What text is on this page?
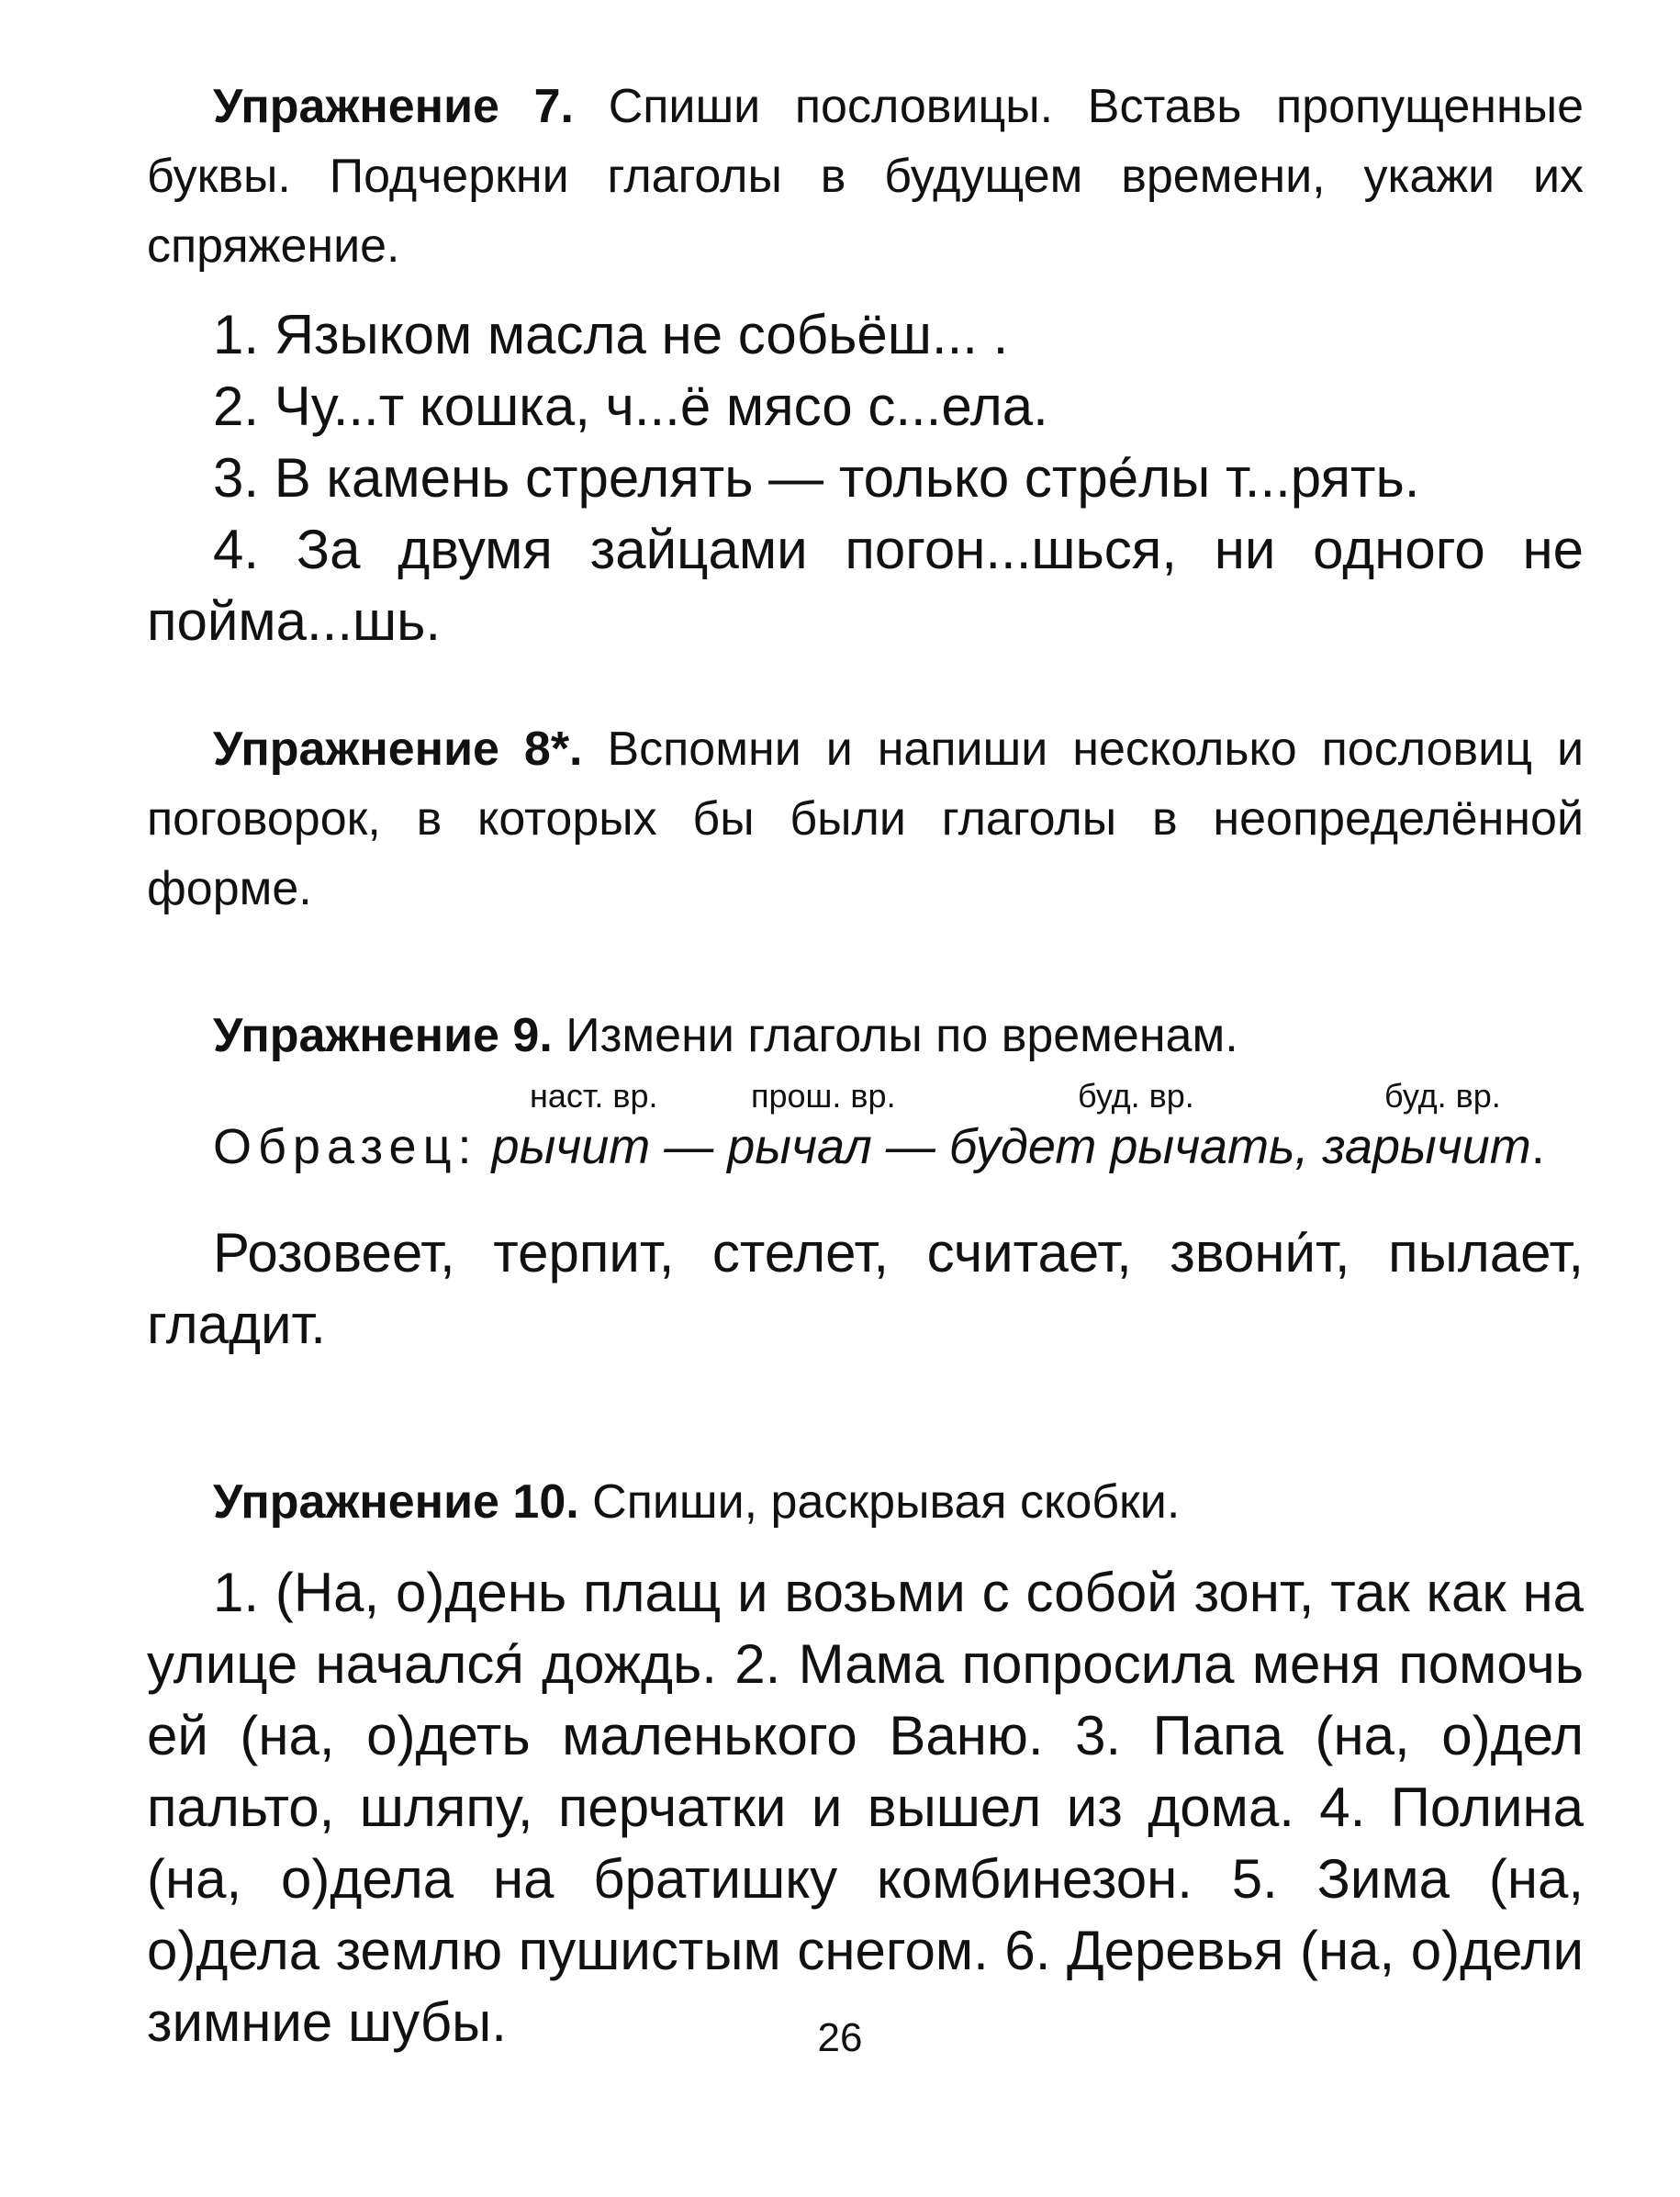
Упражнение 7. Спиши пословицы. Вставь пропущенные буквы. Подчеркни глаголы в будущем времени, укажи их спряжение.

1. Языком масла не собьёш... .

2. Чу...т кошка, ч...ё мясо с...ела.

3. В камень стрелять — только стре́лы т...рять.

4. За двумя зайцами погон...шься, ни одного не пойма...шь.

Упражнение 8*. Вспомни и напиши несколько пословиц и поговорок, в которых бы были глаголы в неопределённой форме.

Упражнение 9. Измени глаголы по временам.

наст. вр.	прош. вр.	буд. вр.	буд. вр.
Образец: рычит — рычал — будет рычать, зарычит.

Розовеет, терпит, стелет, считает, звони́т, пылает, гладит.

Упражнение 10. Спиши, раскрывая скобки.

1. (На, о)день плащ и возьми с собой зонт, так как на улице начался́ дождь. 2. Мама попросила меня помочь ей (на, о)деть маленького Ваню. 3. Папа (на, о)дел пальто, шляпу, перчатки и вышел из дома. 4. Полина (на, о)дела на братишку комбинезон. 5. Зима (на, о)дела землю пушистым снегом. 6. Деревья (на, о)дели зимние шубы.	26
